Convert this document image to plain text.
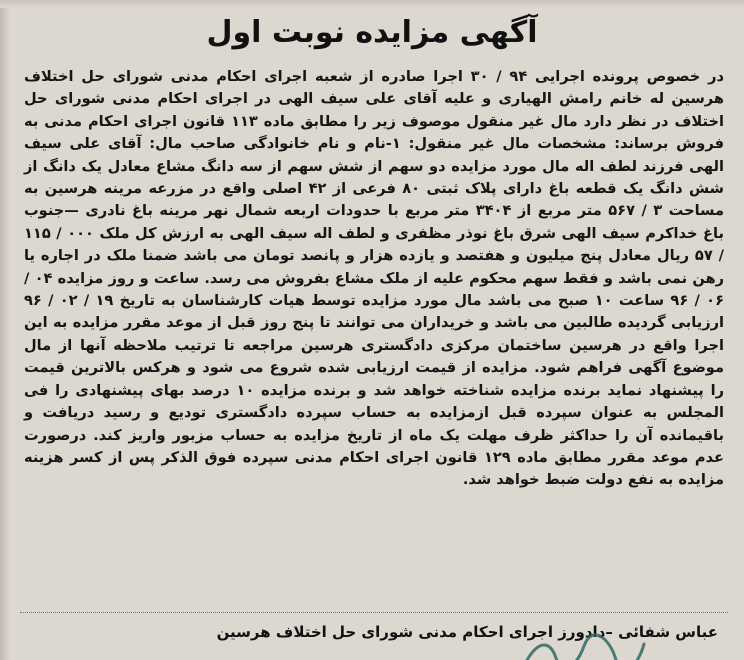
آگهی مزایده نوبت اول
در خصوص پرونده اجرایی ۹۴ / ۳۰ اجرا صادره از شعبه اجرای احکام مدنی شورای حل اختلاف هرسین له خانم رامش الهیاری و علیه آقای علی سیف الهی در اجرای احکام مدنی شورای حل اختلاف در نظر دارد مال غیر منقول موصوف زیر را مطابق ماده ۱۱۳ قانون اجرای احکام مدنی به فروش برساند: مشخصات مال غیر منقول: ۱-نام و نام خانوادگی صاحب مال: آقای علی سیف الهی فرزند لطف اله مال مورد مزایده دو سهم از شش سهم از سه دانگ مشاع معادل یک دانگ از شش دانگ یک قطعه باغ دارای پلاک ثبتی ۸۰ فرعی از ۴۲ اصلی واقع در مزرعه مرینه هرسین به مساحت ۳ / ۵۶۷ متر مربع از ۳۴۰۴ متر مربع با حدودات اربعه شمال نهر مرینه باغ نادری —جنوب باغ خداکرم سیف الهی شرق باغ نوذر مظفری و لطف اله سیف الهی به ارزش کل ملک ۰۰۰ / ۱۱۵ / ۵۷ ریال معادل پنج میلیون و هفتصد و یازده هزار و پانصد تومان می باشد ضمنا ملک در اجاره یا رهن نمی باشد و فقط سهم محکوم علیه از ملک مشاع بفروش می رسد. ساعت و روز مزایده ۰۴ / ۰۶ / ۹۶ ساعت ۱۰ صبح می باشد مال مورد مزایده توسط هیات کارشناسان به تاریخ ۱۹ / ۰۲ / ۹۶ ارزیابی گردیده طالبین می باشد و خریداران می توانند تا پنج روز قبل از موعد مقرر مزایده به این اجرا واقع در هرسین ساختمان مرکزی دادگستری هرسین مراجعه تا ترتیب ملاحظه آنها از مال موضوع آگهی فراهم شود. مزایده از قیمت ارزیابی شده شروع می شود و هرکس بالاترین قیمت را پیشنهاد نماید برنده مزایده شناخته خواهد شد و برنده مزایده ۱۰ درصد بهای پیشنهادی را فی المجلس به عنوان سپرده قبل ازمزایده به حساب سپرده دادگستری تودیع و رسید دریافت و باقیمانده آن را حداکثر ظرف مهلت یک ماه از تاریخ مزایده به حساب مزبور واریز کند. درصورت عدم موعد مقرر مطابق ماده ۱۲۹ قانون اجرای احکام مدنی سپرده فوق الذکر پس از کسر هزینه مزایده به نفع دولت ضبط خواهد شد.
عباس شفائی –دادورز اجرای احکام مدنی شورای حل اختلاف هرسین
